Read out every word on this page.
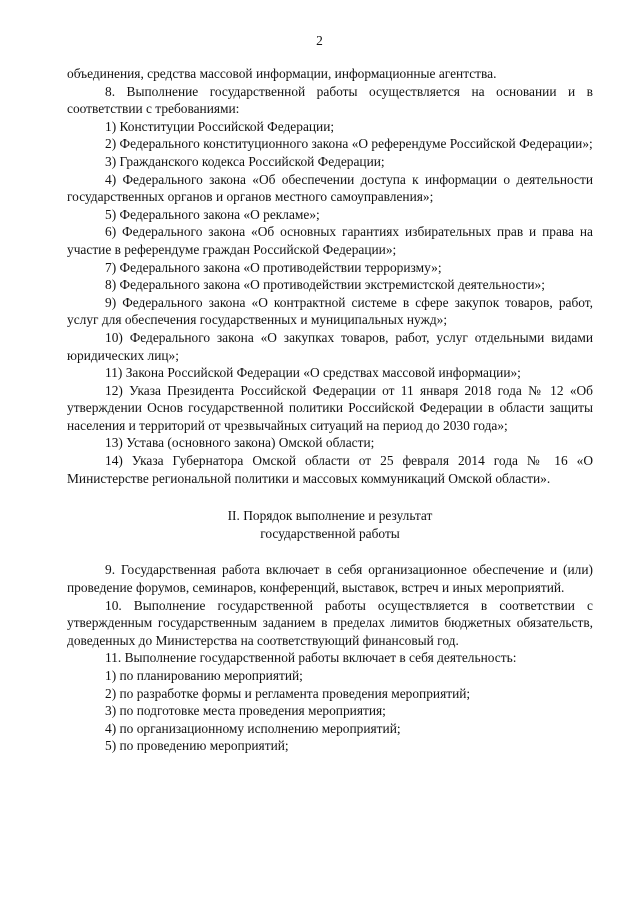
2

объединения, средства массовой информации, информационные агентства.

8. Выполнение государственной работы осуществляется на основании и в соответствии с требованиями:

1) Конституции Российской Федерации;

2) Федерального конституционного закона «О референдуме Российской Федерации»;

3) Гражданского кодекса Российской Федерации;

4) Федерального закона «Об обеспечении доступа к информации о деятельности государственных органов и органов местного самоуправления»;

5) Федерального закона «О рекламе»;

6) Федерального закона «Об основных гарантиях избирательных прав и права на участие в референдуме граждан Российской Федерации»;

7) Федерального закона «О противодействии терроризму»;

8) Федерального закона «О противодействии экстремистской деятельности»;

9) Федерального закона «О контрактной системе в сфере закупок товаров, работ, услуг для обеспечения государственных и муниципальных нужд»;

10) Федерального закона «О закупках товаров, работ, услуг отдельными видами юридических лиц»;

11) Закона Российской Федерации «О средствах массовой информации»;

12) Указа Президента Российской Федерации от 11 января 2018 года № 12 «Об утверждении Основ государственной политики Российской Федерации в области защиты населения и территорий от чрезвычайных ситуаций на период до 2030 года»;

13) Устава (основного закона) Омской области;

14) Указа Губернатора Омской области от 25 февраля 2014 года № 16 «О Министерстве региональной политики и массовых коммуникаций Омской области».

II. Порядок выполнение и результат
государственной работы

9. Государственная работа включает в себя организационное обеспечение и (или) проведение форумов, семинаров, конференций, выставок, встреч и иных мероприятий.

10. Выполнение государственной работы осуществляется в соответствии с утвержденным государственным заданием в пределах лимитов бюджетных обязательств, доведенных до Министерства на соответствующий финансовый год.

11. Выполнение государственной работы включает в себя деятельность:

1) по планированию мероприятий;

2) по разработке формы и регламента проведения мероприятий;

3) по подготовке места проведения мероприятия;

4) по организационному исполнению мероприятий;

5) по проведению мероприятий;
